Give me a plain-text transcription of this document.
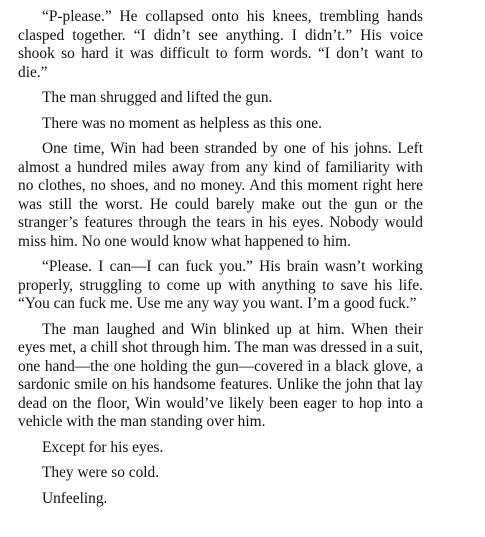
“P-please.” He collapsed onto his knees, trembling hands clasped together. “I didn’t see anything. I didn’t.” His voice shook so hard it was difficult to form words. “I don’t want to die.”

The man shrugged and lifted the gun.

There was no moment as helpless as this one.

One time, Win had been stranded by one of his johns. Left almost a hundred miles away from any kind of familiarity with no clothes, no shoes, and no money. And this moment right here was still the worst. He could barely make out the gun or the stranger’s features through the tears in his eyes. Nobody would miss him. No one would know what happened to him.

“Please. I can—I can fuck you.” His brain wasn’t working properly, struggling to come up with anything to save his life. “You can fuck me. Use me any way you want. I’m a good fuck.”

The man laughed and Win blinked up at him. When their eyes met, a chill shot through him. The man was dressed in a suit, one hand—the one holding the gun—covered in a black glove, a sardonic smile on his handsome features. Unlike the john that lay dead on the floor, Win would’ve likely been eager to hop into a vehicle with the man standing over him.

Except for his eyes.

They were so cold.

Unfeeling.
